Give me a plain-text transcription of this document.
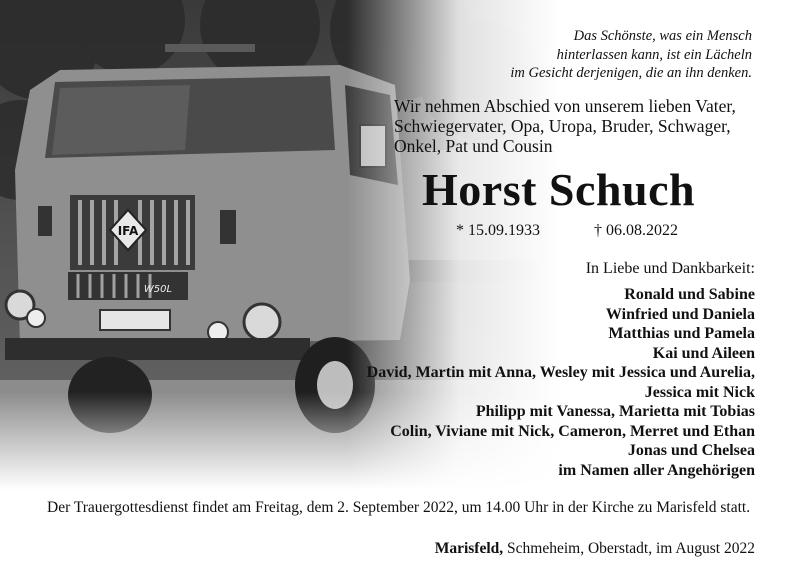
Das Schönste, was ein Mensch
hinterlassen kann, ist ein Lächeln
im Gesicht derjenigen, die an ihn denken.
Wir nehmen Abschied von unserem lieben Vater,
Schwiegervater, Opa, Uropa, Bruder, Schwager,
Onkel, Pat und Cousin
Horst Schuch
* 15.09.1933	† 06.08.2022
In Liebe und Dankbarkeit:
Ronald und Sabine
Winfried und Daniela
Matthias und Pamela
Kai und Aileen
David, Martin mit Anna, Wesley mit Jessica und Aurelia,
Jessica mit Nick
Philipp mit Vanessa, Marietta mit Tobias
Colin, Viviane mit Nick, Cameron, Merret und Ethan
Jonas und Chelsea
im Namen aller Angehörigen

Der Trauergottesdienst findet am Freitag, dem 2. September 2022, um 14.00 Uhr in der Kirche zu Marisfeld statt.

Marisfeld, Schmeheim, Oberstadt, im August 2022
